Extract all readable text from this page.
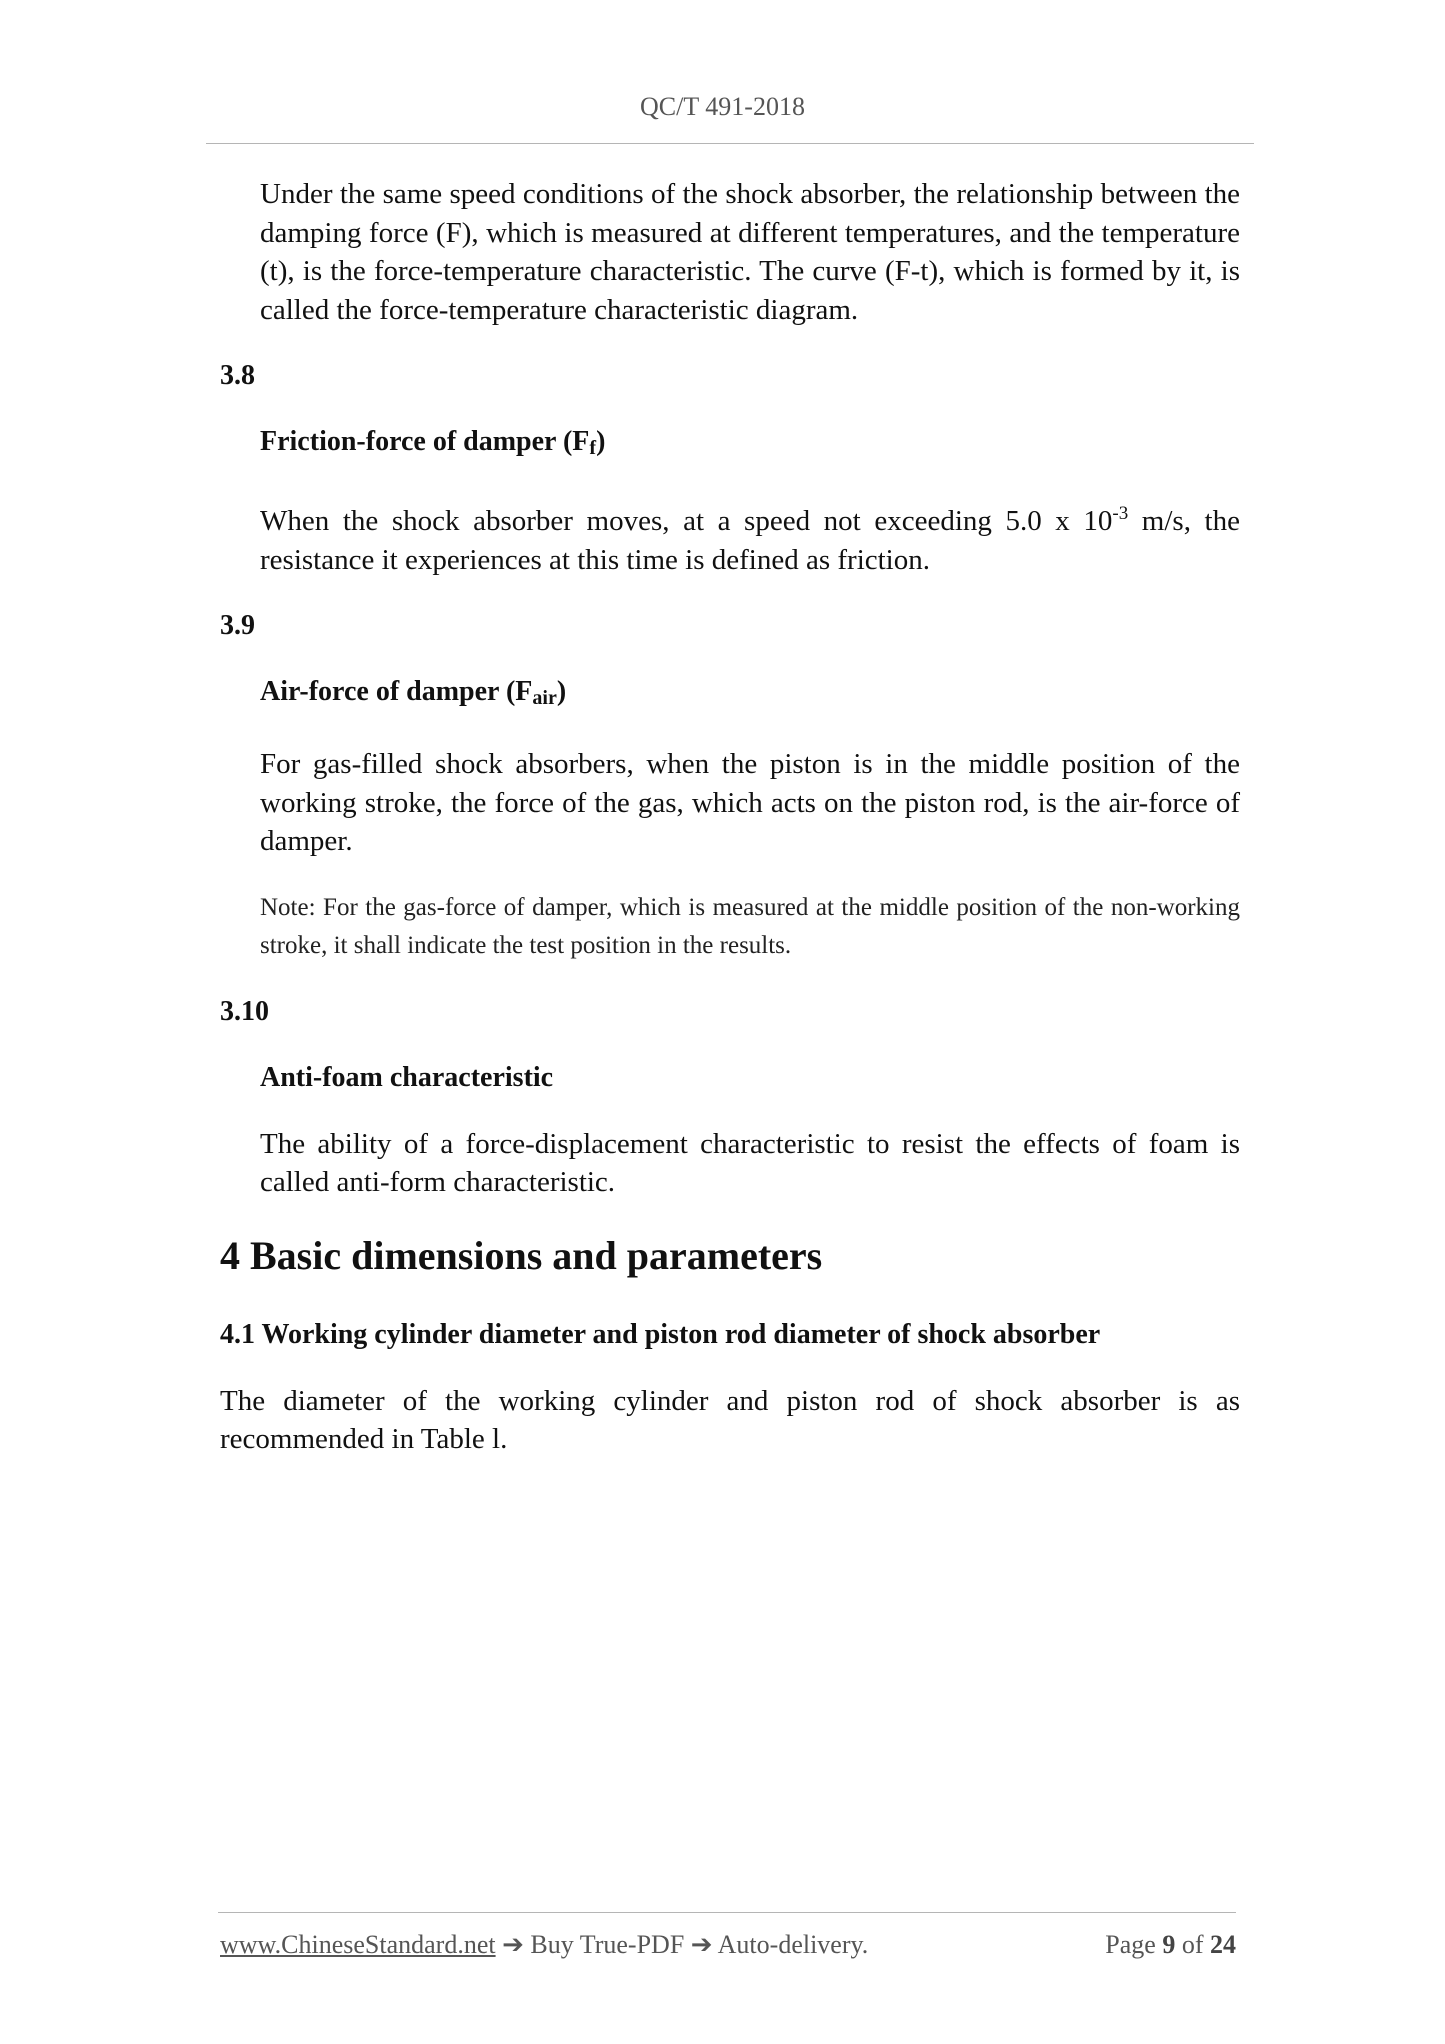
QC/T 491-2018

Under the same speed conditions of the shock absorber, the relationship between the damping force (F), which is measured at different temperatures, and the temperature (t), is the force-temperature characteristic. The curve (F-t), which is formed by it, is called the force-temperature characteristic diagram.

3.8

Friction-force of damper $(F_f)$

When the shock absorber moves, at a speed not exceeding 5.0 x $10^{-3}$ m/s, the resistance it experiences at this time is defined as friction.

3.9

Air-force of damper $(F_{air})$

For gas-filled shock absorbers, when the piston is in the middle position of the working stroke, the force of the gas, which acts on the piston rod, is the air-force of damper.

Note: For the gas-force of damper, which is measured at the middle position of the non-working stroke, it shall indicate the test position in the results.

3.10

Anti-foam characteristic

The ability of a force-displacement characteristic to resist the effects of foam is called anti-form characteristic.

4 Basic dimensions and parameters
4.1 Working cylinder diameter and piston rod diameter of shock absorber

The diameter of the working cylinder and piston rod of shock absorber is as recommended in Table l.

www.ChineseStandard.net ➔ Buy True-PDF ➔ Auto-delivery.	Page 9 of 24
